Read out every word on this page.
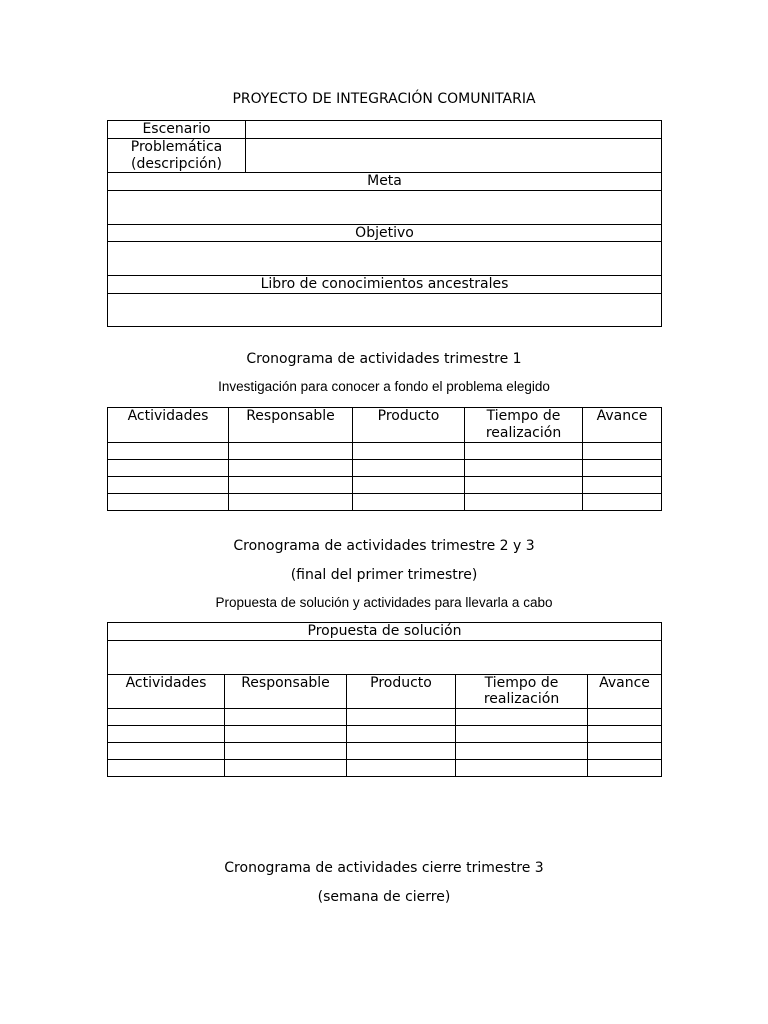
PROYECTO DE INTEGRACIÓN COMUNITARIA
Escenario	

Problemática
(descripción)	

Meta	

Objetivo	

Libro de conocimientos ancestrales	

Cronograma de actividades trimestre 1
Investigación para conocer a fondo el problema elegido
Actividades	Responsable	Producto	Tiempo de realización	Avance

Cronograma de actividades trimestre 2 y 3
(final del primer trimestre)
Propuesta de solución y actividades para llevarla a cabo
Propuesta de solución				

Actividades	Responsable	Producto	Tiempo de realización	Avance

Cronograma de actividades cierre trimestre 3
(semana de cierre)
